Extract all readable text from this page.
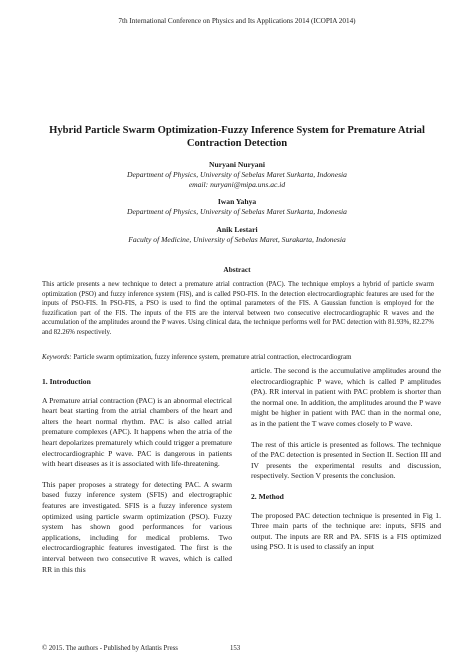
7th International Conference on Physics and Its Applications 2014 (ICOPIA 2014)
Hybrid Particle Swarm Optimization-Fuzzy Inference System for Premature Atrial
Contraction Detection
Nuryani Nuryani
Department of Physics, University of Sebelas Maret Surkarta, Indonesia
email: nuryani@mipa.uns.ac.id
Iwan Yahya
Department of Physics, University of Sebelas Maret Surkarta, Indonesia
Anik Lestari
Faculty of Medicine, University of Sebelas Maret, Surakarta, Indonesia
Abstract
This article presents a new technique to detect a premature atrial contraction (PAC). The technique employs a hybrid of particle swarm optimization (PSO) and fuzzy inference system (FIS), and is called PSO-FIS. In the detection electrocardiographic features are used for the inputs of PSO-FIS. In PSO-FIS, a PSO is used to find the optimal parameters of the FIS. A Gaussian function is employed for the fuzzification part of the FIS. The inputs of the FIS are the interval between two consecutive electrocardiographic R waves and the accumulation of the amplitudes around the P waves. Using clinical data, the technique performs well for PAC detection with 81.93%, 82.27% and 82.26% respectively.
Keywords: Particle swarm optimization, fuzzy inference system, premature atrial contraction, electrocardiogram
1. Introduction

A Premature atrial contraction (PAC) is an abnormal electrical heart beat starting from the atrial chambers of the heart and alters the heart normal rhythm. PAC is also called atrial premature complexes (APC). It happens when the atria of the heart depolarizes prematurely which could trigger a premature electrocardiographic P wave. PAC is dangerous in patients with heart diseases as it is associated with life-threatening.

This paper proposes a strategy for detecting PAC. A swarm based fuzzy inference system (SFIS) and electrographic features are investigated. SFIS is a fuzzy inference system optimized using particle swarm optimization (PSO). Fuzzy system has shown good performances for various applications, including for medical problems. Two electrocardiographic features investigated. The first is the interval between two consecutive R waves, which is called RR in this this

article. The second is the accumulative amplitudes around the electrocardiographic P wave, which is called P amplitudes (PA). RR interval in patient with PAC problem is shorter than the normal one. In addition, the amplitudes around the P wave might be higher in patient with PAC than in the normal one, as in the patient the T wave comes closely to P wave.

The rest of this article is presented as follows. The technique of the PAC detection is presented in Section II. Section III and IV presents the experimental results and discussion, respectively. Section V presents the conclusion.

2. Method

The proposed PAC detection technique is presented in Fig 1. Three main parts of the technique are: inputs, SFIS and output. The inputs are RR and PA. SFIS is a FIS optimized using PSO. It is used to classify an input

© 2015. The authors - Published by Atlantis Press	153
